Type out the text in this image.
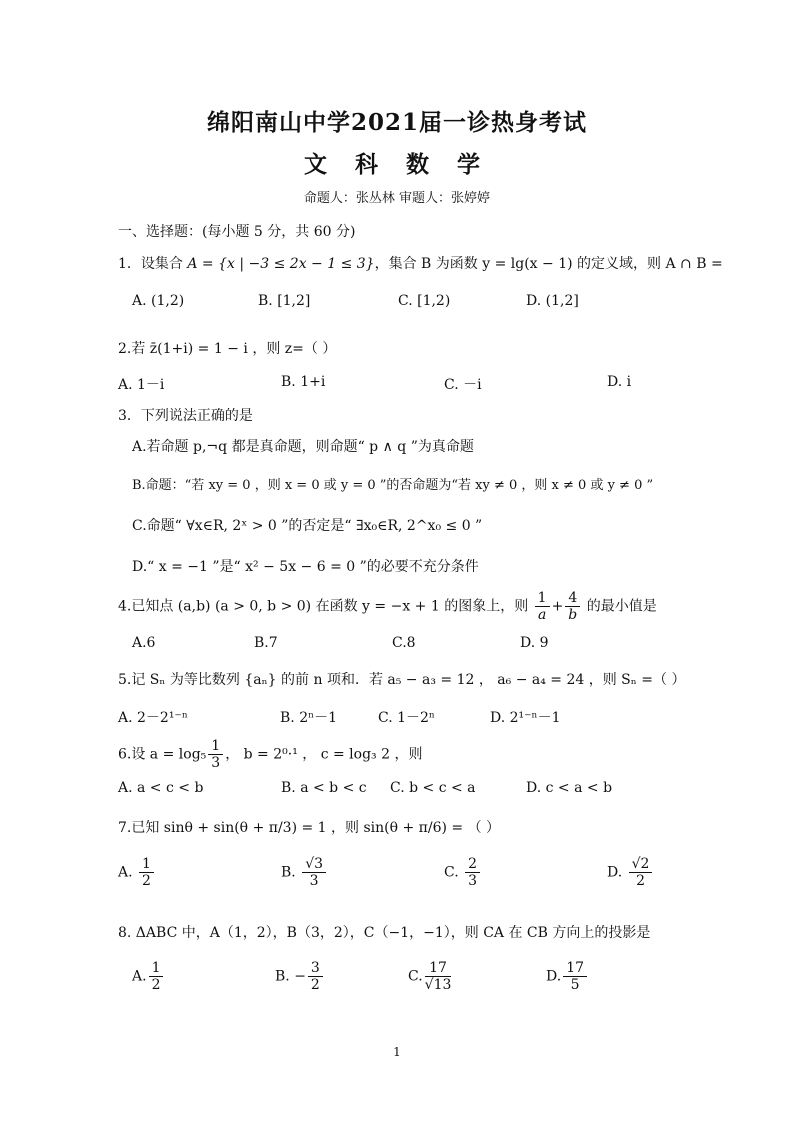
绵阳南山中学2021届一诊热身考试
文 科 数 学
命题人：张丛林 审题人：张婷婷
一、选择题：(每小题 5 分，共 60 分)
1．设集合 A = {x | −3 ≤ 2x − 1 ≤ 3}，集合 B 为函数 y = lg(x − 1) 的定义域，则 A ∩ B =
A. (1,2)	B. [1,2]	C. [1,2)	D. (1,2]
2.若 z̄(1+i) = 1 − i ，则 z=（ ）
A. 1－i	B. 1+i	C. －i	D. i
3．下列说法正确的是
A.若命题 p,¬q 都是真命题，则命题“ p ∧ q ”为真命题
B.命题：“若 xy = 0 ，则 x = 0 或 y = 0 ”的否命题为“若 xy ≠ 0 ，则 x ≠ 0 或 y ≠ 0 ”
C.命题“ ∀x∈R, 2ˣ > 0 ”的否定是“ ∃x₀∈R, 2^x₀ ≤ 0 ”
D.“ x = −1 ”是“ x² − 5x − 6 = 0 ”的必要不充分条件
4.已知点 (a,b) (a > 0, b > 0) 在函数 y = −x + 1 的图象上，则 $\frac{1}{a} + \frac{4}{b}$ 的最小值是
A.6	B.7	C.8	D. 9
5.记 Sₙ 为等比数列 {aₙ} 的前 n 项和．若 a₅ − a₃ = 12 ， a₆ − a₄ = 24 ，则 Sₙ =（ ）
A. 2－2¹⁻ⁿ	B. 2ⁿ－1	C. 1－2ⁿ	D. 2¹⁻ⁿ－1
6.设 $a = \log_5 \frac{1}{3}$ ， b = 2⁰·¹ ， c = log₃ 2 ，则
A. a < c < b	B. a < b < c C. b < c < a	D. c < a < b
7.已知 sinθ + sin(θ + π/3) = 1 ，则 sin(θ + π/6) = （ ）
A. $\frac{1}{2}$	B. $\frac{√3}{3}$	C. $\frac{2}{3}$	D. $\frac{√2}{2}$
8. ΔABC 中，A（1，2），B（3，2），C（−1，−1），则 CA 在 CB 方向上的投影是
A. $\frac{1}{2}$	B. − $\frac{3}{2}$	C. $\frac{17}{√13}$	D. $\frac{17}{5}$
1
